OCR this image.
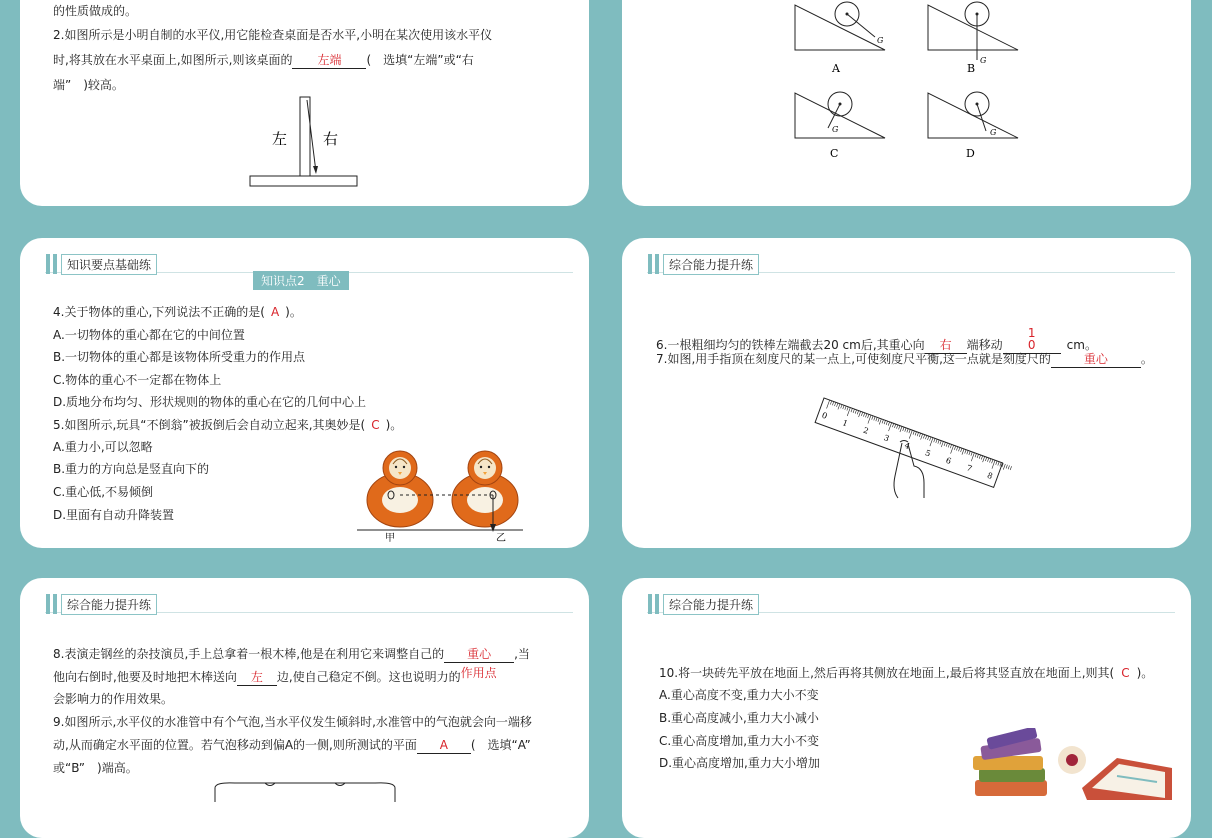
的性质做成的。
2.如图所示是小明自制的水平仪,用它能检查桌面是否水平,小明在某次使用该水平仪
时,将其放在水平桌面上,如图所示,则该桌面的 左端 (　选填“左端”或“右
端”　)较高。
左 右
G
A
G
B
G
C
G
D
知识要点基础练
知识点2　重心
4.关于物体的重心,下列说法不正确的是( A )。
A.一切物体的重心都在它的中间位置
B.一切物体的重心都是该物体所受重力的作用点
C.物体的重心不一定都在物体上
D.质地分布均匀、形状规则的物体的重心在它的几何中心上
5.如图所示,玩具“不倒翁”被扳倒后会自动立起来,其奥妙是( C )。
A.重力小,可以忽略
B.重力的方向总是竖直向下的
C.重心低,不易倾倒
D.里面有自动升降装置
甲	乙
综合能力提升练
6.一根粗细均匀的铁棒左端截去20 cm后,其重心向 右 端移动10	cm。
7.如图,用手指顶在刻度尺的某一点上,可使刻度尺平衡,这一点就是刻度尺的	重心	。
0
1
2
3
4
5
6
7
8
综合能力提升练
8.表演走钢丝的杂技演员,手上总拿着一根木棒,他是在利用它来调整自己的 重心 ,当
他向右倒时,他要及时地把木棒送向 左 边,使自己稳定不倒。这也说明力的作用点
会影响力的作用效果。
9.如图所示,水平仪的水准管中有个气泡,当水平仪发生倾斜时,水准管中的气泡就会向一端移
动,从而确定水平面的位置。若气泡移动到偏A的一侧,则所测试的平面 A (　选填“A”
或“B”　)端高。
综合能力提升练
10.将一块砖先平放在地面上,然后再将其侧放在地面上,最后将其竖直放在地面上,则其( C )。
A.重心高度不变,重力大小不变
B.重心高度减小,重力大小减小
C.重心高度增加,重力大小不变
D.重心高度增加,重力大小增加
